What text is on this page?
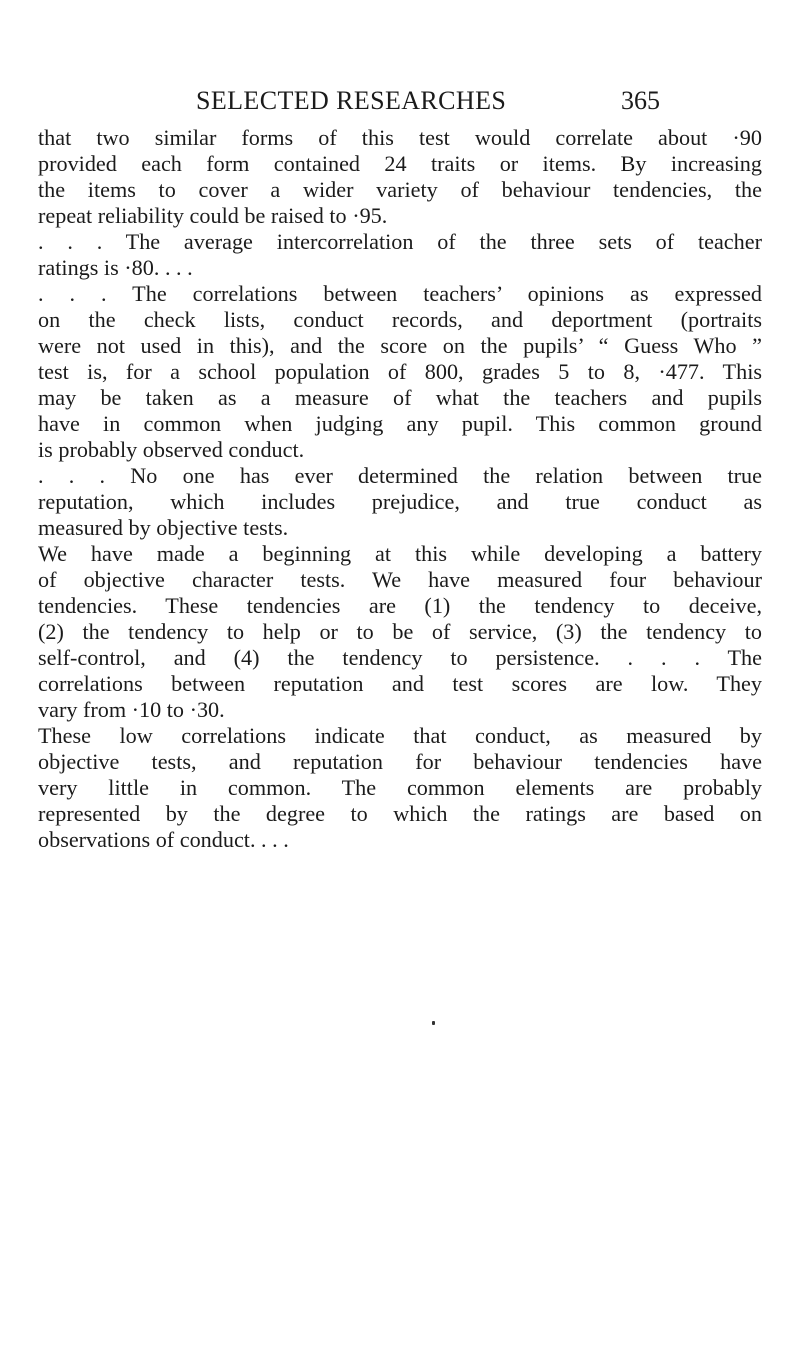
SELECTED RESEARCHES	365
that two similar forms of this test would correlate about ·90
provided each form contained 24 traits or items. By increasing
the items to cover a wider variety of behaviour tendencies, the
repeat reliability could be raised to ·95.
. . . The average intercorrelation of the three sets of teacher
ratings is ·80. . . .
. . . The correlations between teachers’ opinions as expressed
on the check lists, conduct records, and deportment (portraits
were not used in this), and the score on the pupils’ “ Guess Who ”
test is, for a school population of 800, grades 5 to 8, ·477. This
may be taken as a measure of what the teachers and pupils
have in common when judging any pupil. This common ground
is probably observed conduct.
. . . No one has ever determined the relation between true
reputation, which includes prejudice, and true conduct as
measured by objective tests.
We have made a beginning at this while developing a battery
of objective character tests. We have measured four behaviour
tendencies. These tendencies are (1) the tendency to deceive,
(2) the tendency to help or to be of service, (3) the tendency to
self-control, and (4) the tendency to persistence. . . . The
correlations between reputation and test scores are low. They
vary from ·10 to ·30.
These low correlations indicate that conduct, as measured by
objective tests, and reputation for behaviour tendencies have
very little in common. The common elements are probably
represented by the degree to which the ratings are based on
observations of conduct. . . .
